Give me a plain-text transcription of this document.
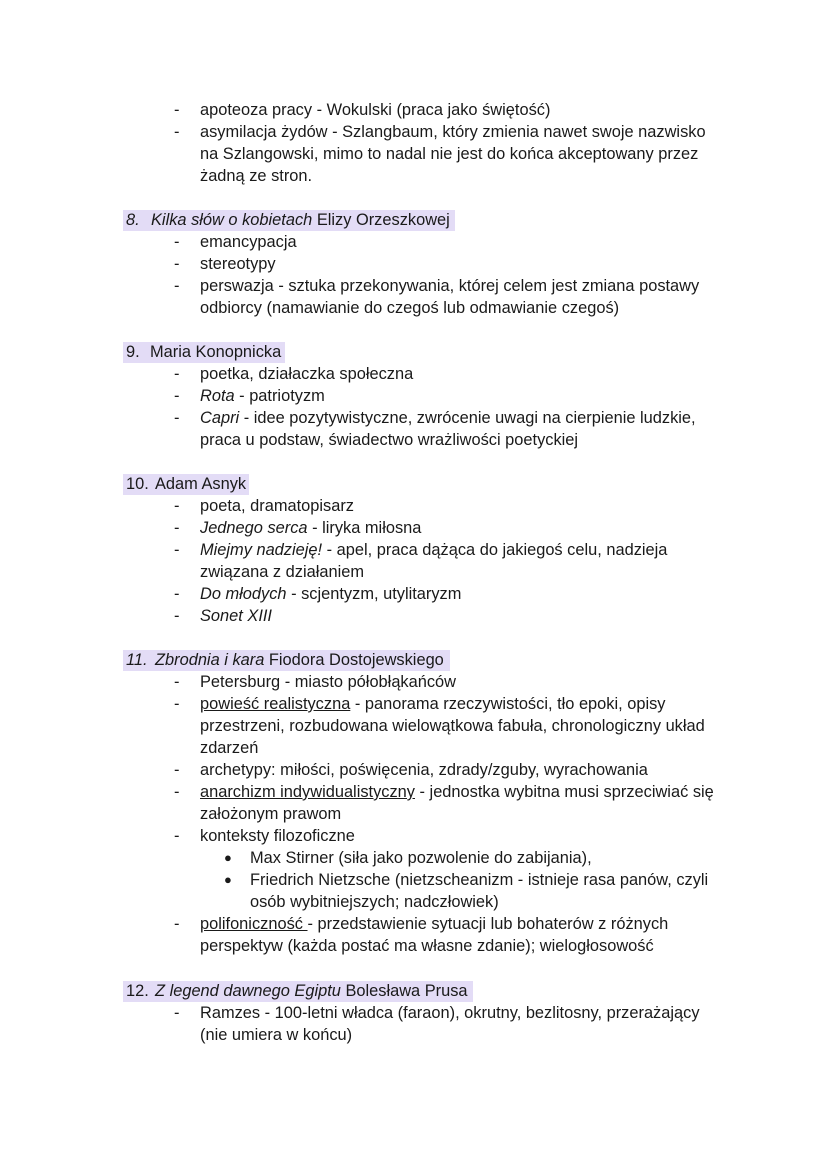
- apoteoza pracy - Wokulski (praca jako świętość)
- asymilacja żydów - Szlangbaum, który zmienia nawet swoje nazwisko
na Szlangowski, mimo to nadal nie jest do końca akceptowany przez
żadną ze stron.
8. Kilka słów o kobietach Elizy Orzeszkowej
- emancypacja
- stereotypy
- perswazja - sztuka przekonywania, której celem jest zmiana postawy
odbiorcy (namawianie do czegoś lub odmawianie czegoś)
9. Maria Konopnicka
- poetka, działaczka społeczna
- Rota - patriotyzm
- Capri - idee pozytywistyczne, zwrócenie uwagi na cierpienie ludzkie,
praca u podstaw, świadectwo wrażliwości poetyckiej
10. Adam Asnyk
- poeta, dramatopisarz
- Jednego serca - liryka miłosna
- Miejmy nadzieję! - apel, praca dążąca do jakiegoś celu, nadzieja
związana z działaniem
- Do młodych - scjentyzm, utylitaryzm
- Sonet XIII
11. Zbrodnia i kara Fiodora Dostojewskiego
- Petersburg - miasto półobłąkańców
- powieść realistyczna - panorama rzeczywistości, tło epoki, opisy
przestrzeni, rozbudowana wielowątkowa fabuła, chronologiczny układ
zdarzeń
- archetypy: miłości, poświęcenia, zdrady/zguby, wyrachowania
- anarchizm indywidualistyczny - jednostka wybitna musi sprzeciwiać się
założonym prawom
- konteksty filozoficzne
● Max Stirner (siła jako pozwolenie do zabijania),
● Friedrich Nietzsche (nietzscheanizm - istnieje rasa panów, czyli
osób wybitniejszych; nadczłowiek)
- polifoniczność - przedstawienie sytuacji lub bohaterów z różnych
perspektyw (każda postać ma własne zdanie); wielogłosowość
12. Z legend dawnego Egiptu Bolesława Prusa
- Ramzes - 100-letni władca (faraon), okrutny, bezlitosny, przerażający
(nie umiera w końcu)
